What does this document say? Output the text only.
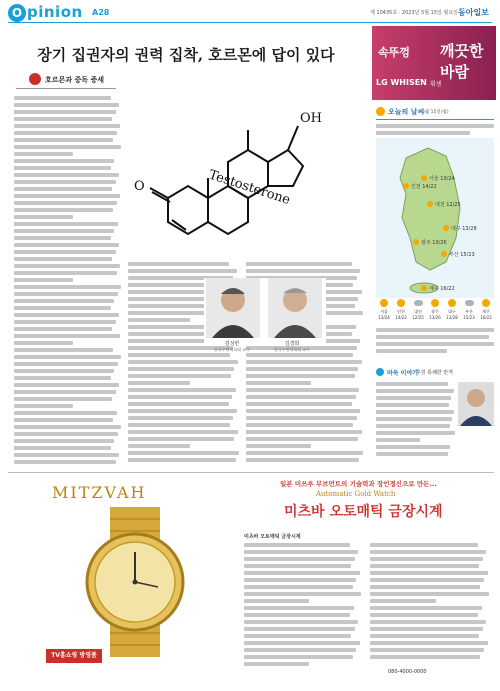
O pinion A28	제 10435호 · 2023년 5월 15일 월요일 동아일보
장기 집권자의 권력 집착, 호르몬에 답이 있다
호르몬과 중독 증세
OH
O	Testosterone
김성빈
한국수면의학회 교수
김경희
한국수면의학회 교수
속뚜껑 깨끗한 바람
LG WHISEN 휘센
오늘의 날씨
5월 15일(월)
서울 13/24
인천 14/22
대전 12/25
광주 13/26
대구 13/28
부산 15/23
제주 16/22
서울
13/24
인천
14/22
대전
12/25
광주
13/26
대구
13/28
부산
15/23
제주
16/22
바둑 이야기
후원 통쾌한 반격
MITZVAH	일본 미쓰루 무브먼트의 기술력과 장인정신으로 만든...
Automatic Gold Watch
미츠바 오토매틱 금장시계
미츠바 오토매틱 금장시계
TV홈쇼핑 방영품
080-4000-0000
